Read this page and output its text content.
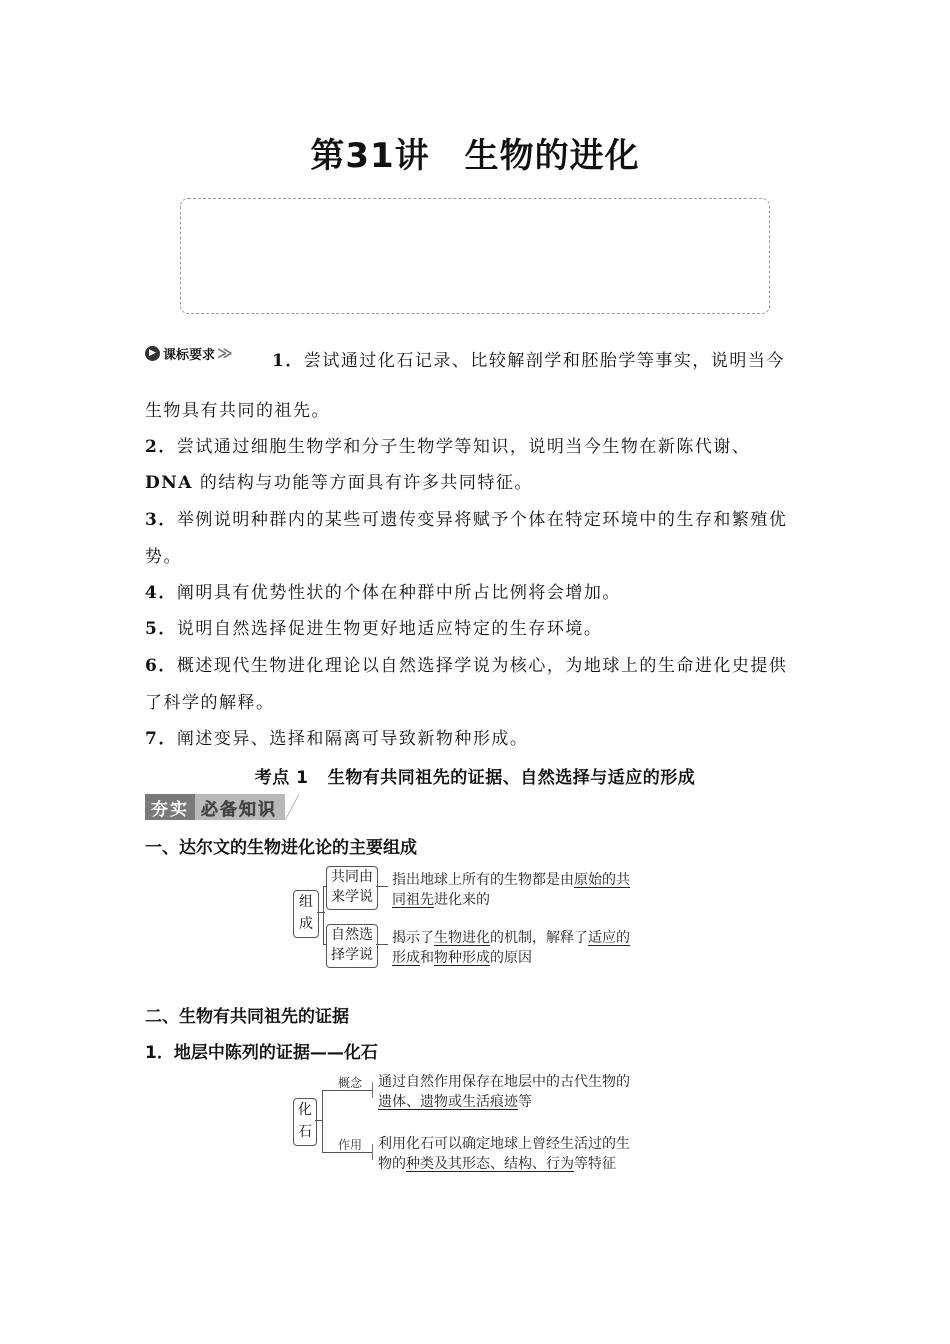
第31讲　生物的进化
▶ 课标要求 ≫ 1．尝试通过化石记录、比较解剖学和胚胎学等事实，说明当今
生物具有共同的祖先。
2．尝试通过细胞生物学和分子生物学等知识，说明当今生物在新陈代谢、
DNA 的结构与功能等方面具有许多共同特征。
3．举例说明种群内的某些可遗传变异将赋予个体在特定环境中的生存和繁殖优
势。
4．阐明具有优势性状的个体在种群中所占比例将会增加。
5．说明自然选择促进生物更好地适应特定的生存环境。
6．概述现代生物进化理论以自然选择学说为核心，为地球上的生命进化史提供
了科学的解释。
7．阐述变异、选择和隔离可导致新物种形成。
考点 1 生物有共同祖先的证据、自然选择与适应的形成
夯实 必备知识
一、达尔文的生物进化论的主要组成
组成
共同由来学说
指出地球上所有的生物都是由原始的共
同祖先进化来的
自然选择学说
揭示了生物进化的机制，解释了适应的
形成和物种形成的原因
二、生物有共同祖先的证据
1．地层中陈列的证据——化石
化石
概念
作用
通过自然作用保存在地层中的古代生物的
遗体、遗物或生活痕迹等
利用化石可以确定地球上曾经生活过的生
物的种类及其形态、结构、行为等特征
